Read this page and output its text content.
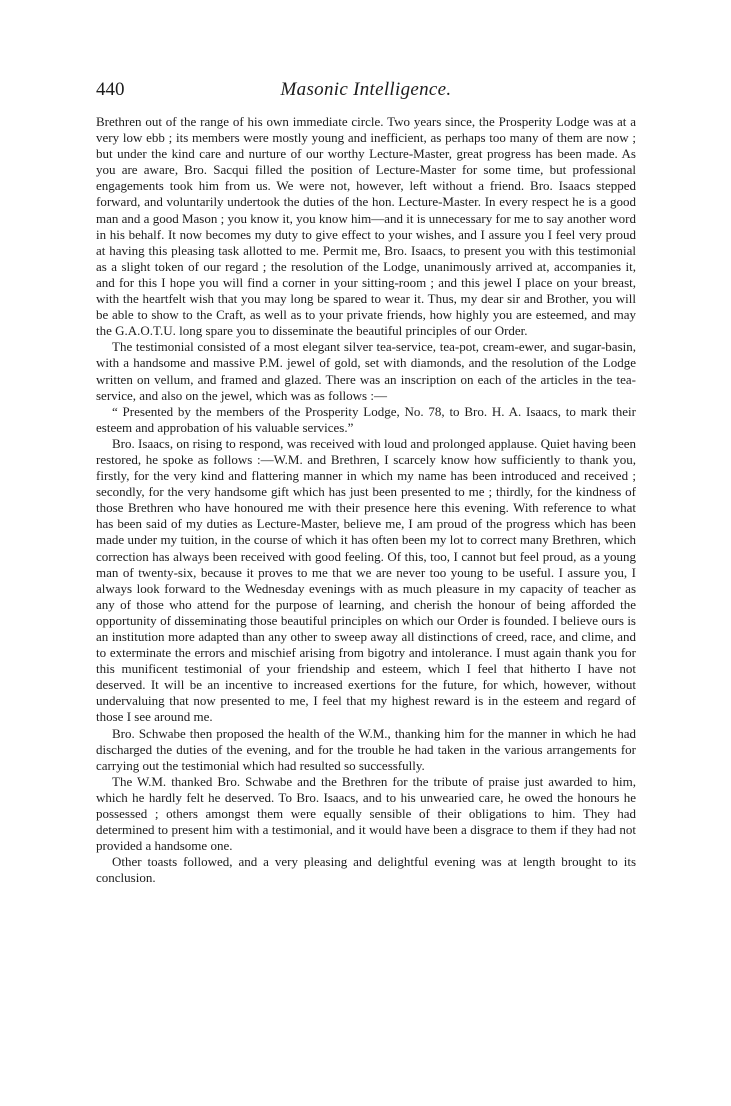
440	Masonic Intelligence.

Brethren out of the range of his own immediate circle. Two years since, the Prosperity Lodge was at a very low ebb ; its members were mostly young and inefficient, as perhaps too many of them are now ; but under the kind care and nurture of our worthy Lecture-Master, great progress has been made. As you are aware, Bro. Sacqui filled the position of Lecture-Master for some time, but professional engagements took him from us. We were not, however, left without a friend. Bro. Isaacs stepped forward, and voluntarily undertook the duties of the hon. Lecture-Master. In every respect he is a good man and a good Mason ; you know it, you know him—and it is unnecessary for me to say another word in his behalf. It now becomes my duty to give effect to your wishes, and I assure you I feel very proud at having this pleasing task allotted to me. Permit me, Bro. Isaacs, to present you with this testimonial as a slight token of our regard ; the resolution of the Lodge, unanimously arrived at, accompanies it, and for this I hope you will find a corner in your sitting-room ; and this jewel I place on your breast, with the heartfelt wish that you may long be spared to wear it. Thus, my dear sir and Brother, you will be able to show to the Craft, as well as to your private friends, how highly you are esteemed, and may the G.A.O.T.U. long spare you to disseminate the beautiful principles of our Order.

The testimonial consisted of a most elegant silver tea-service, tea-pot, cream-ewer, and sugar-basin, with a handsome and massive P.M. jewel of gold, set with diamonds, and the resolution of the Lodge written on vellum, and framed and glazed. There was an inscription on each of the articles in the tea-service, and also on the jewel, which was as follows :—

“ Presented by the members of the Prosperity Lodge, No. 78, to Bro. H. A. Isaacs, to mark their esteem and approbation of his valuable services.”

Bro. Isaacs, on rising to respond, was received with loud and prolonged applause. Quiet having been restored, he spoke as follows :—W.M. and Brethren, I scarcely know how sufficiently to thank you, firstly, for the very kind and flattering manner in which my name has been introduced and received ; secondly, for the very handsome gift which has just been presented to me ; thirdly, for the kindness of those Brethren who have honoured me with their presence here this evening. With reference to what has been said of my duties as Lecture-Master, believe me, I am proud of the progress which has been made under my tuition, in the course of which it has often been my lot to correct many Brethren, which correction has always been received with good feeling. Of this, too, I cannot but feel proud, as a young man of twenty-six, because it proves to me that we are never too young to be useful. I assure you, I always look forward to the Wednesday evenings with as much pleasure in my capacity of teacher as any of those who attend for the purpose of learning, and cherish the honour of being afforded the opportunity of disseminating those beautiful principles on which our Order is founded. I believe ours is an institution more adapted than any other to sweep away all distinctions of creed, race, and clime, and to exterminate the errors and mischief arising from bigotry and intolerance. I must again thank you for this munificent testimonial of your friendship and esteem, which I feel that hitherto I have not deserved. It will be an incentive to increased exertions for the future, for which, however, without undervaluing that now presented to me, I feel that my highest reward is in the esteem and regard of those I see around me.

Bro. Schwabe then proposed the health of the W.M., thanking him for the manner in which he had discharged the duties of the evening, and for the trouble he had taken in the various arrangements for carrying out the testimonial which had resulted so successfully.

The W.M. thanked Bro. Schwabe and the Brethren for the tribute of praise just awarded to him, which he hardly felt he deserved. To Bro. Isaacs, and to his unwearied care, he owed the honours he possessed ; others amongst them were equally sensible of their obligations to him. They had determined to present him with a testimonial, and it would have been a disgrace to them if they had not provided a handsome one.

Other toasts followed, and a very pleasing and delightful evening was at length brought to its conclusion.
